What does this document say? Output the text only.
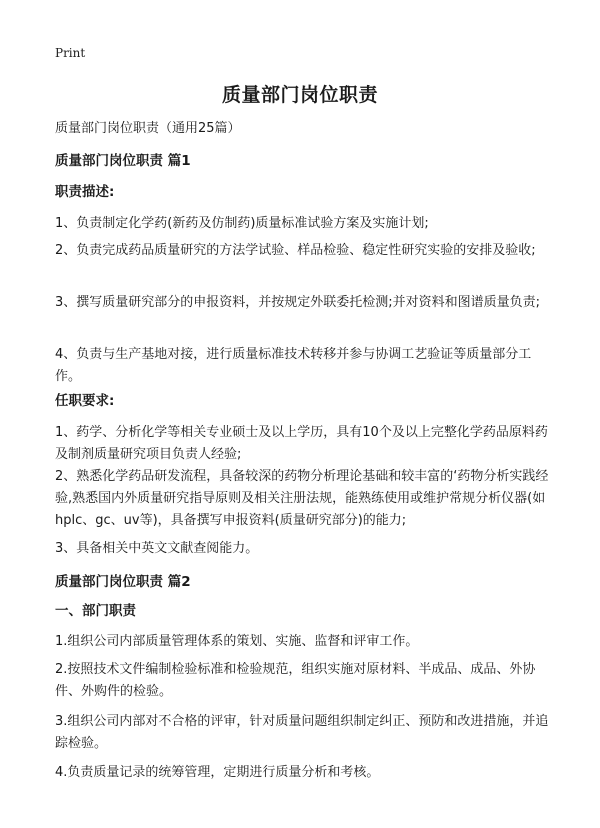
Print
质量部门岗位职责

质量部门岗位职责（通用25篇）

质量部门岗位职责 篇1

职责描述:

1、负责制定化学药(新药及仿制药)质量标准试验方案及实施计划;

2、负责完成药品质量研究的方法学试验、样品检验、稳定性研究实验的安排及验收;

3、撰写质量研究部分的申报资料，并按规定外联委托检测;并对资料和图谱质量负责;

4、负责与生产基地对接，进行质量标准技术转移并参与协调工艺验证等质量部分工作。

任职要求:

1、药学、分析化学等相关专业硕士及以上学历，具有10个及以上完整化学药品原料药及制剂质量研究项目负责人经验;

2、熟悉化学药品研发流程，具备较深的药物分析理论基础和较丰富的‘药物分析实践经验,熟悉国内外质量研究指导原则及相关注册法规，能熟练使用或维护常规分析仪器(如hplc、gc、uv等)，具备撰写申报资料(质量研究部分)的能力;

3、具备相关中英文文献查阅能力。

质量部门岗位职责 篇2

一、部门职责

1.组织公司内部质量管理体系的策划、实施、监督和评审工作。

2.按照技术文件编制检验标准和检验规范，组织实施对原材料、半成品、成品、外协件、外购件的检验。

3.组织公司内部对不合格的评审，针对质量问题组织制定纠正、预防和改进措施，并追踪检验。

4.负责质量记录的统筹管理，定期进行质量分析和考核。
